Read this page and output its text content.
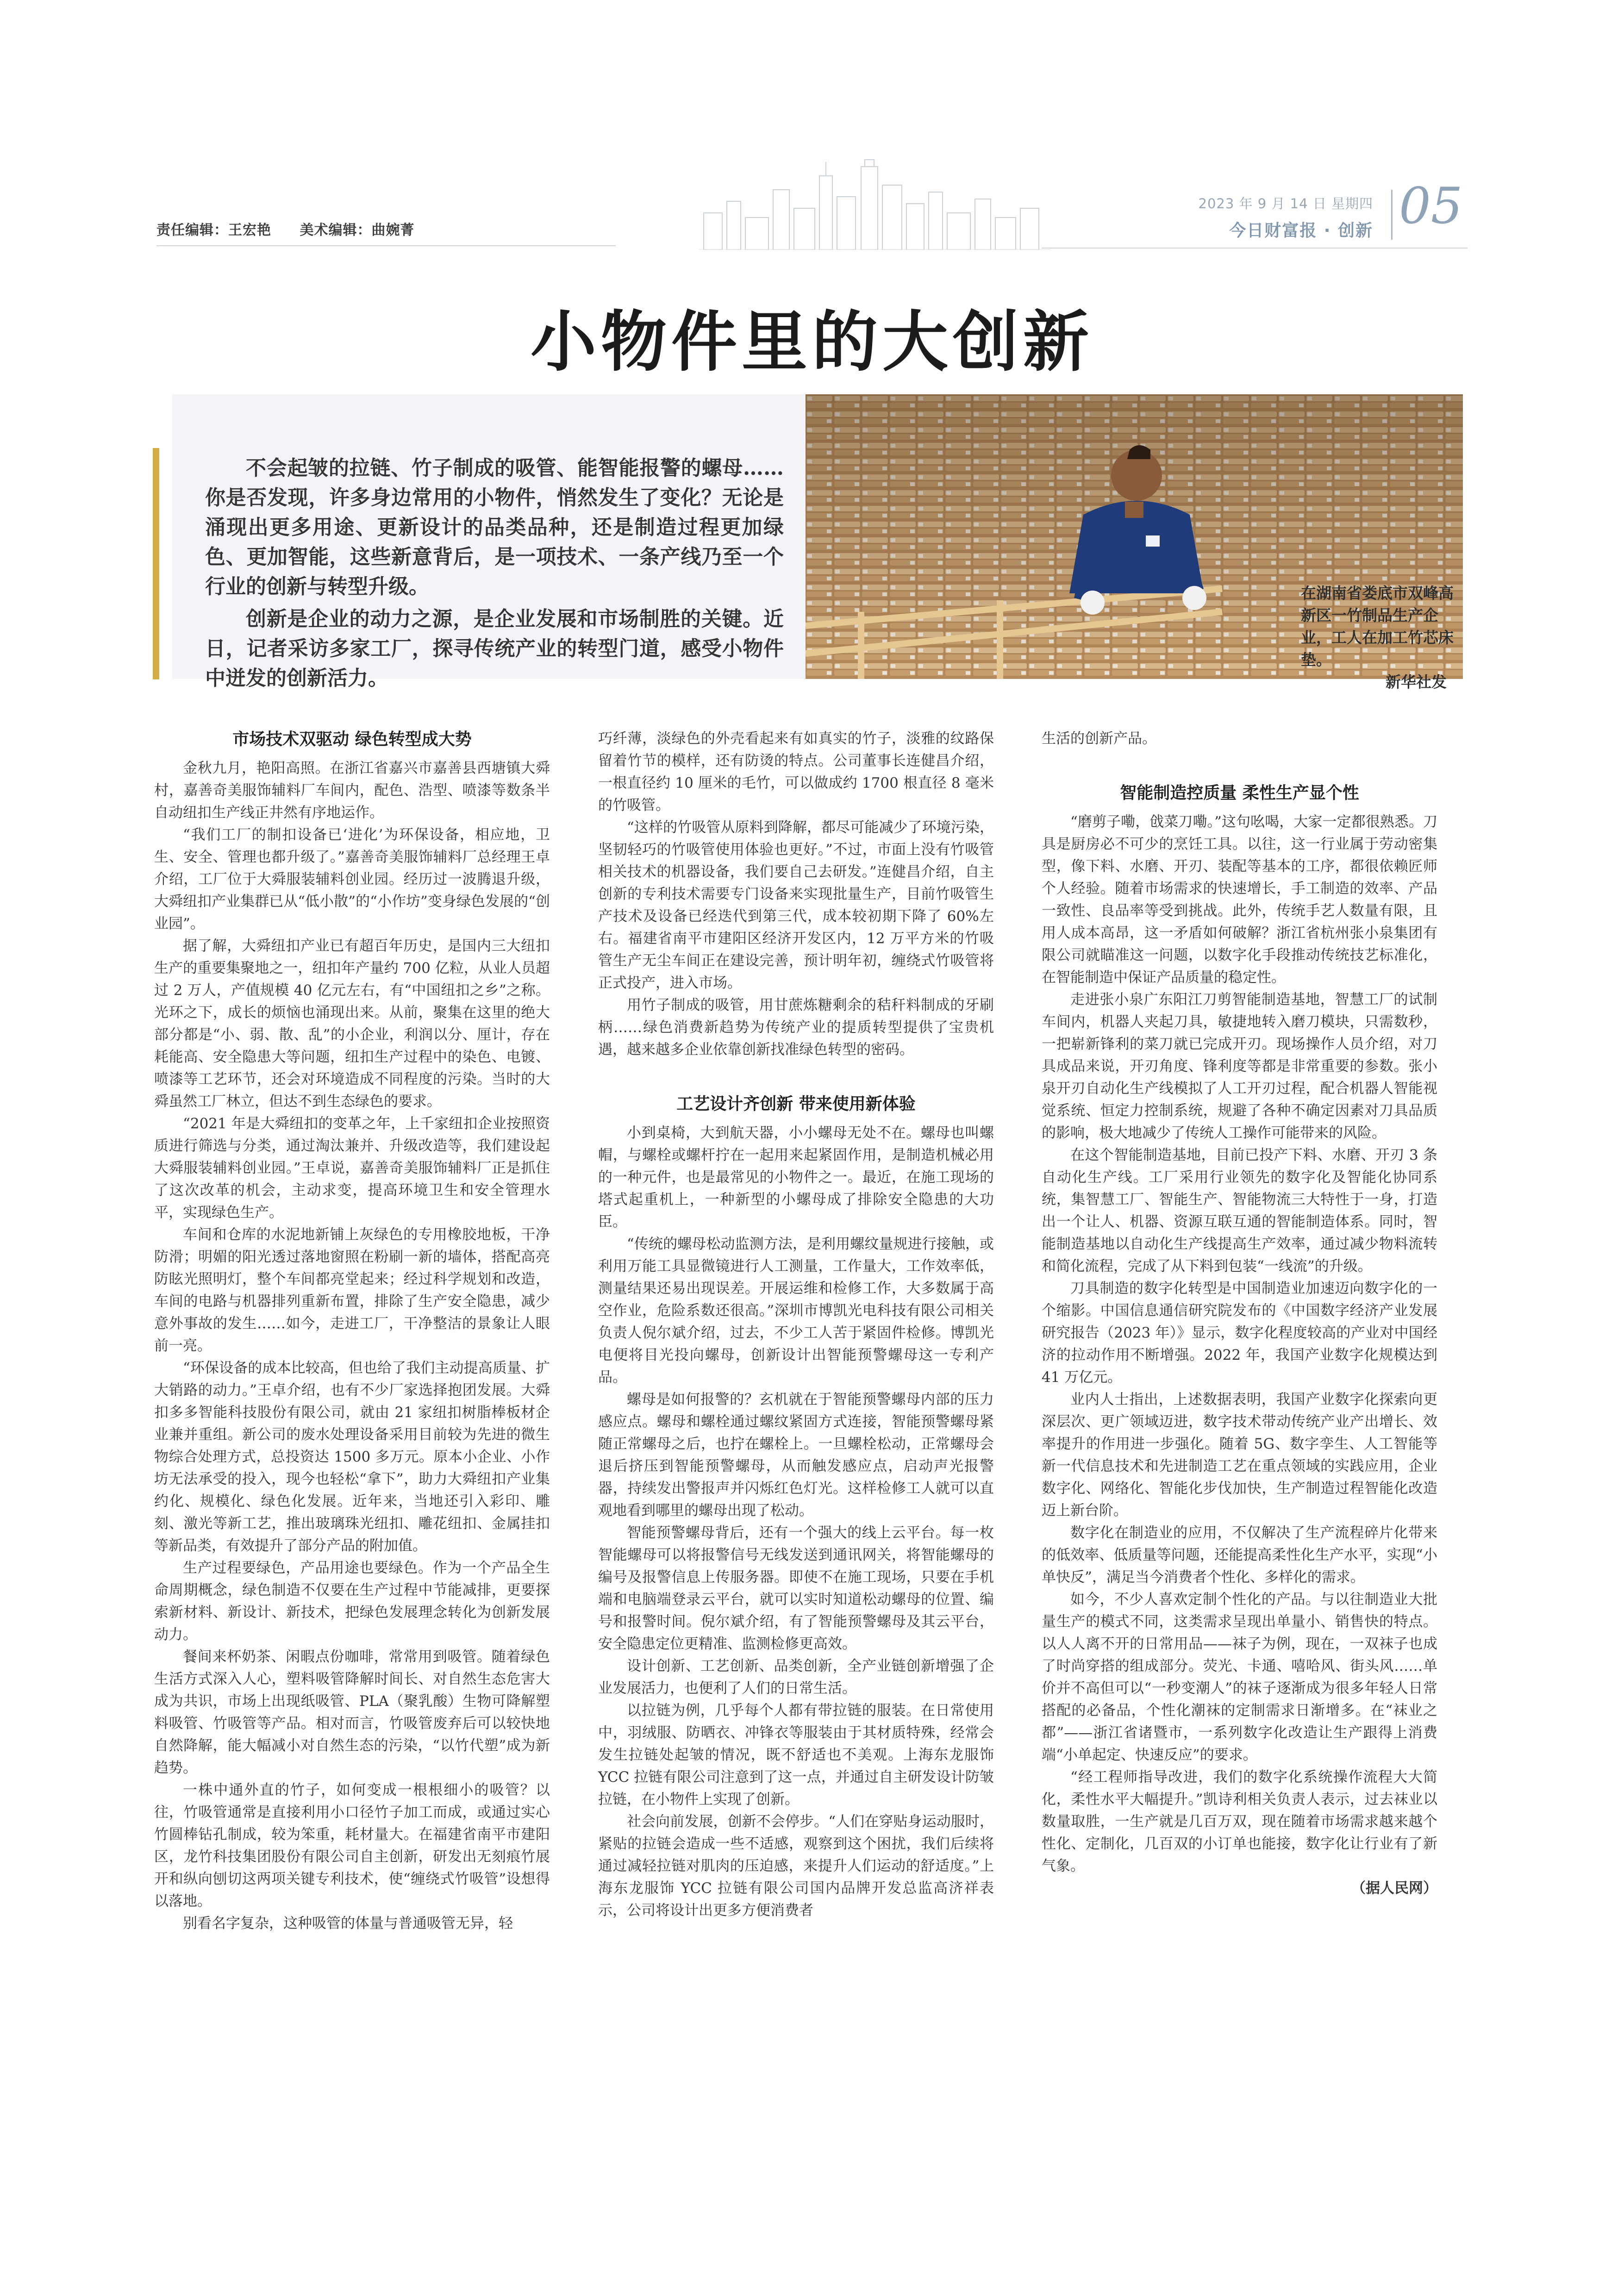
责任编辑：王宏艳 美术编辑：曲婉菁
2023 年 9 月 14 日 星期四
今日财富报 · 创新 05
小物件里的大创新

不会起皱的拉链、竹子制成的吸管、能智能报警的螺母……你是否发现，许多身边常用的小物件，悄然发生了变化？无论是涌现出更多用途、更新设计的品类品种，还是制造过程更加绿色、更加智能，这些新意背后，是一项技术、一条产线乃至一个行业的创新与转型升级。

创新是企业的动力之源，是企业发展和市场制胜的关键。近日，记者采访多家工厂，探寻传统产业的转型门道，感受小物件中迸发的创新活力。

在湖南省娄底市双峰高新区一竹制品生产企业，工人在加工竹芯床垫。
新华社发
市场技术双驱动 绿色转型成大势

金秋九月，艳阳高照。在浙江省嘉兴市嘉善县西塘镇大舜村，嘉善奇美服饰辅料厂车间内，配色、浩型、喷漆等数条半自动纽扣生产线正井然有序地运作。

“我们工厂的制扣设备已‘进化’为环保设备，相应地，卫生、安全、管理也都升级了。”嘉善奇美服饰辅料厂总经理王卓介绍，工厂位于大舜服装辅料创业园。经历过一波腾退升级，大舜纽扣产业集群已从“低小散”的“小作坊”变身绿色发展的“创业园”。

据了解，大舜纽扣产业已有超百年历史，是国内三大纽扣生产的重要集聚地之一，纽扣年产量约 700 亿粒，从业人员超过 2 万人，产值规模 40 亿元左右，有“中国纽扣之乡”之称。光环之下，成长的烦恼也涌现出来。从前，聚集在这里的绝大部分都是“小、弱、散、乱”的小企业，利润以分、厘计，存在耗能高、安全隐患大等问题，纽扣生产过程中的染色、电镀、喷漆等工艺环节，还会对环境造成不同程度的污染。当时的大舜虽然工厂林立，但达不到生态绿色的要求。

“2021 年是大舜纽扣的变革之年，上千家纽扣企业按照资质进行筛选与分类，通过淘汰兼并、升级改造等，我们建设起大舜服装辅料创业园。”王卓说，嘉善奇美服饰辅料厂正是抓住了这次改革的机会，主动求变，提高环境卫生和安全管理水平，实现绿色生产。

车间和仓库的水泥地新铺上灰绿色的专用橡胶地板，干净防滑；明媚的阳光透过落地窗照在粉刷一新的墙体，搭配高亮防眩光照明灯，整个车间都亮堂起来；经过科学规划和改造，车间的电路与机器排列重新布置，排除了生产安全隐患，减少意外事故的发生……如今，走进工厂，干净整洁的景象让人眼前一亮。

“环保设备的成本比较高，但也给了我们主动提高质量、扩大销路的动力。”王卓介绍，也有不少厂家选择抱团发展。大舜扣多多智能科技股份有限公司，就由 21 家纽扣树脂棒板材企业兼并重组。新公司的废水处理设备采用目前较为先进的微生物综合处理方式，总投资达 1500 多万元。原本小企业、小作坊无法承受的投入，现今也轻松“拿下”，助力大舜纽扣产业集约化、规模化、绿色化发展。近年来，当地还引入彩印、雕刻、激光等新工艺，推出玻璃珠光纽扣、雕花纽扣、金属挂扣等新品类，有效提升了部分产品的附加值。

生产过程要绿色，产品用途也要绿色。作为一个产品全生命周期概念，绿色制造不仅要在生产过程中节能减排，更要探索新材料、新设计、新技术，把绿色发展理念转化为创新发展动力。

餐间来杯奶茶、闲暇点份咖啡，常常用到吸管。随着绿色生活方式深入人心，塑料吸管降解时间长、对自然生态危害大成为共识，市场上出现纸吸管、PLA（聚乳酸）生物可降解塑料吸管、竹吸管等产品。相对而言，竹吸管废弃后可以较快地自然降解，能大幅减小对自然生态的污染，“以竹代塑”成为新趋势。

一株中通外直的竹子，如何变成一根根细小的吸管？以往，竹吸管通常是直接利用小口径竹子加工而成，或通过实心竹圆棒钻孔制成，较为笨重，耗材量大。在福建省南平市建阳区，龙竹科技集团股份有限公司自主创新，研发出无刻痕竹展开和纵向刨切这两项关键专利技术，使“缠绕式竹吸管”设想得以落地。

别看名字复杂，这种吸管的体量与普通吸管无异，轻

巧纤薄，淡绿色的外壳看起来有如真实的竹子，淡雅的纹路保留着竹节的模样，还有防烫的特点。公司董事长连健昌介绍，一根直径约 10 厘米的毛竹，可以做成约 1700 根直径 8 毫米的竹吸管。

“这样的竹吸管从原料到降解，都尽可能减少了环境污染，坚韧轻巧的竹吸管使用体验也更好。”不过，市面上没有竹吸管相关技术的机器设备，我们要自己去研发。”连健昌介绍，自主创新的专利技术需要专门设备来实现批量生产，目前竹吸管生产技术及设备已经迭代到第三代，成本较初期下降了 60%左右。福建省南平市建阳区经济开发区内，12 万平方米的竹吸管生产无尘车间正在建设完善，预计明年初，缠绕式竹吸管将正式投产，进入市场。

用竹子制成的吸管，用甘蔗炼糖剩余的秸秆料制成的牙刷柄……绿色消费新趋势为传统产业的提质转型提供了宝贵机遇，越来越多企业依靠创新找准绿色转型的密码。

工艺设计齐创新 带来使用新体验

小到桌椅，大到航天器，小小螺母无处不在。螺母也叫螺帽，与螺栓或螺杆拧在一起用来起紧固作用，是制造机械必用的一种元件，也是最常见的小物件之一。最近，在施工现场的塔式起重机上，一种新型的小螺母成了排除安全隐患的大功臣。

“传统的螺母松动监测方法，是利用螺纹量规进行接触，或利用万能工具显微镜进行人工测量，工作量大，工作效率低，测量结果还易出现误差。开展运维和检修工作，大多数属于高空作业，危险系数还很高。”深圳市博凯光电科技有限公司相关负责人倪尔斌介绍，过去，不少工人苦于紧固件检修。博凯光电便将目光投向螺母，创新设计出智能预警螺母这一专利产品。

螺母是如何报警的？玄机就在于智能预警螺母内部的压力感应点。螺母和螺栓通过螺纹紧固方式连接，智能预警螺母紧随正常螺母之后，也拧在螺栓上。一旦螺栓松动，正常螺母会退后挤压到智能预警螺母，从而触发感应点，启动声光报警器，持续发出警报声并闪烁红色灯光。这样检修工人就可以直观地看到哪里的螺母出现了松动。

智能预警螺母背后，还有一个强大的线上云平台。每一枚智能螺母可以将报警信号无线发送到通讯网关，将智能螺母的编号及报警信息上传服务器。即使不在施工现场，只要在手机端和电脑端登录云平台，就可以实时知道松动螺母的位置、编号和报警时间。倪尔斌介绍，有了智能预警螺母及其云平台，安全隐患定位更精准、监测检修更高效。

设计创新、工艺创新、品类创新，全产业链创新增强了企业发展活力，也便利了人们的日常生活。

以拉链为例，几乎每个人都有带拉链的服装。在日常使用中，羽绒服、防晒衣、冲锋衣等服装由于其材质特殊，经常会发生拉链处起皱的情况，既不舒适也不美观。上海东龙服饰 YCC 拉链有限公司注意到了这一点，并通过自主研发设计防皱拉链，在小物件上实现了创新。

社会向前发展，创新不会停步。“人们在穿贴身运动服时，紧贴的拉链会造成一些不适感，观察到这个困扰，我们后续将通过减轻拉链对肌肉的压迫感，来提升人们运动的舒适度。”上海东龙服饰 YCC 拉链有限公司国内品牌开发总监高济祥表示，公司将设计出更多方便消费者

生活的创新产品。

智能制造控质量 柔性生产显个性

“磨剪子嘞，戗菜刀嘞。”这句吆喝，大家一定都很熟悉。刀具是厨房必不可少的烹饪工具。以往，这一行业属于劳动密集型，像下料、水磨、开刃、装配等基本的工序，都很依赖匠师个人经验。随着市场需求的快速增长，手工制造的效率、产品一致性、良品率等受到挑战。此外，传统手艺人数量有限，且用人成本高昂，这一矛盾如何破解？浙江省杭州张小泉集团有限公司就瞄准这一问题，以数字化手段推动传统技艺标准化，在智能制造中保证产品质量的稳定性。

走进张小泉广东阳江刀剪智能制造基地，智慧工厂的试制车间内，机器人夹起刀具，敏捷地转入磨刀模块，只需数秒，一把崭新锋利的菜刀就已完成开刃。现场操作人员介绍，对刀具成品来说，开刃角度、锋利度等都是非常重要的参数。张小泉开刃自动化生产线模拟了人工开刃过程，配合机器人智能视觉系统、恒定力控制系统，规避了各种不确定因素对刀具品质的影响，极大地减少了传统人工操作可能带来的风险。

在这个智能制造基地，目前已投产下料、水磨、开刃 3 条自动化生产线。工厂采用行业领先的数字化及智能化协同系统，集智慧工厂、智能生产、智能物流三大特性于一身，打造出一个让人、机器、资源互联互通的智能制造体系。同时，智能制造基地以自动化生产线提高生产效率，通过减少物料流转和简化流程，完成了从下料到包装“一线流”的升级。

刀具制造的数字化转型是中国制造业加速迈向数字化的一个缩影。中国信息通信研究院发布的《中国数字经济产业发展研究报告（2023 年）》显示，数字化程度较高的产业对中国经济的拉动作用不断增强。2022 年，我国产业数字化规模达到 41 万亿元。

业内人士指出，上述数据表明，我国产业数字化探索向更深层次、更广领域迈进，数字技术带动传统产业产出增长、效率提升的作用进一步强化。随着 5G、数字孪生、人工智能等新一代信息技术和先进制造工艺在重点领域的实践应用，企业数字化、网络化、智能化步伐加快，生产制造过程智能化改造迈上新台阶。

数字化在制造业的应用，不仅解决了生产流程碎片化带来的低效率、低质量等问题，还能提高柔性化生产水平，实现“小单快反”，满足当今消费者个性化、多样化的需求。

如今，不少人喜欢定制个性化的产品。与以往制造业大批量生产的模式不同，这类需求呈现出单量小、销售快的特点。以人人离不开的日常用品——袜子为例，现在，一双袜子也成了时尚穿搭的组成部分。荧光、卡通、嘻哈风、街头风……单价并不高但可以“一秒变潮人”的袜子逐渐成为很多年轻人日常搭配的必备品，个性化潮袜的定制需求日渐增多。在“袜业之都”——浙江省诸暨市，一系列数字化改造让生产跟得上消费端“小单起定、快速反应”的要求。

“经工程师指导改进，我们的数字化系统操作流程大大简化，柔性水平大幅提升。”凯诗利相关负责人表示，过去袜业以数量取胜，一生产就是几百万双，现在随着市场需求越来越个性化、定制化，几百双的小订单也能接，数字化让行业有了新气象。

（据人民网）
